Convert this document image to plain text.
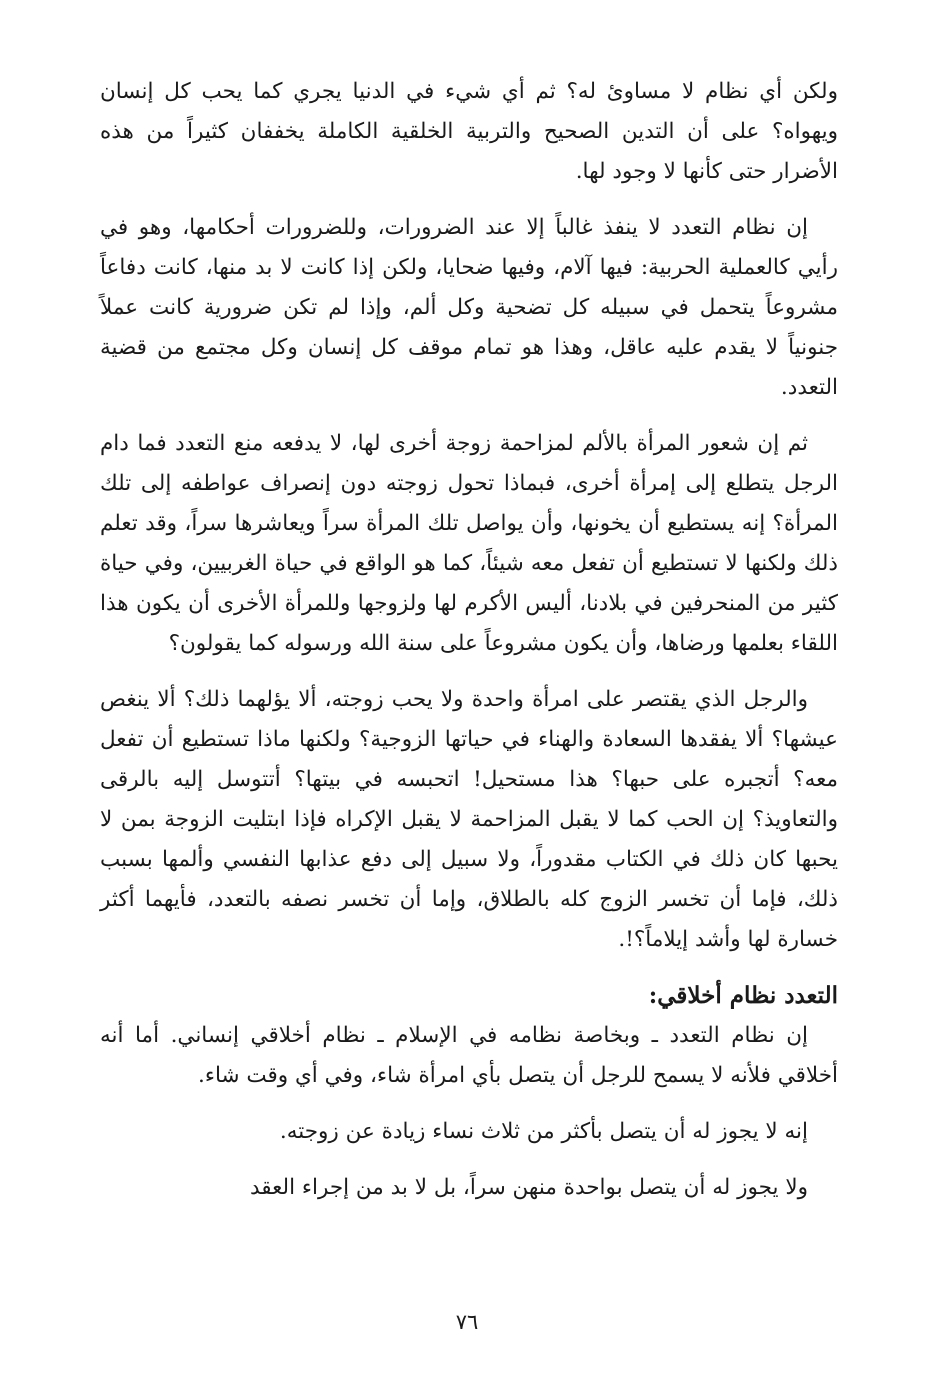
ولكن أي نظام لا مساوئ له؟ ثم أي شيء في الدنيا يجري كما يحب كل إنسان ويهواه؟ على أن التدين الصحيح والتربية الخلقية الكاملة يخففان كثيراً من هذه الأضرار حتى كأنها لا وجود لها.

إن نظام التعدد لا ينفذ غالباً إلا عند الضرورات، وللضرورات أحكامها، وهو في رأيي كالعملية الحربية: فيها آلام، وفيها ضحايا، ولكن إذا كانت لا بد منها، كانت دفاعاً مشروعاً يتحمل في سبيله كل تضحية وكل ألم، وإذا لم تكن ضرورية كانت عملاً جنونياً لا يقدم عليه عاقل، وهذا هو تمام موقف كل إنسان وكل مجتمع من قضية التعدد.

ثم إن شعور المرأة بالألم لمزاحمة زوجة أخرى لها، لا يدفعه منع التعدد فما دام الرجل يتطلع إلى إمرأة أخرى، فبماذا تحول زوجته دون إنصراف عواطفه إلى تلك المرأة؟ إنه يستطيع أن يخونها، وأن يواصل تلك المرأة سراً ويعاشرها سراً، وقد تعلم ذلك ولكنها لا تستطيع أن تفعل معه شيئاً، كما هو الواقع في حياة الغربيين، وفي حياة كثير من المنحرفين في بلادنا، أليس الأكرم لها ولزوجها وللمرأة الأخرى أن يكون هذا اللقاء بعلمها ورضاها، وأن يكون مشروعاً على سنة الله ورسوله كما يقولون؟

والرجل الذي يقتصر على امرأة واحدة ولا يحب زوجته، ألا يؤلهما ذلك؟ ألا ينغص عيشها؟ ألا يفقدها السعادة والهناء في حياتها الزوجية؟ ولكنها ماذا تستطيع أن تفعل معه؟ أتجبره على حبها؟ هذا مستحيل! اتحبسه في بيتها؟ أتتوسل إليه بالرقى والتعاويذ؟ إن الحب كما لا يقبل المزاحمة لا يقبل الإكراه فإذا ابتليت الزوجة بمن لا يحبها كان ذلك في الكتاب مقدوراً، ولا سبيل إلى دفع عذابها النفسي وألمها بسبب ذلك، فإما أن تخسر الزوج كله بالطلاق، وإما أن تخسر نصفه بالتعدد، فأيهما أكثر خسارة لها وأشد إيلاماً؟!.

التعدد نظام أخلاقي:

إن نظام التعدد ـ وبخاصة نظامه في الإسلام ـ نظام أخلاقي إنساني. أما أنه أخلاقي فلأنه لا يسمح للرجل أن يتصل بأي امرأة شاء، وفي أي وقت شاء.

إنه لا يجوز له أن يتصل بأكثر من ثلاث نساء زيادة عن زوجته.

ولا يجوز له أن يتصل بواحدة منهن سراً، بل لا بد من إجراء العقد

٧٦
